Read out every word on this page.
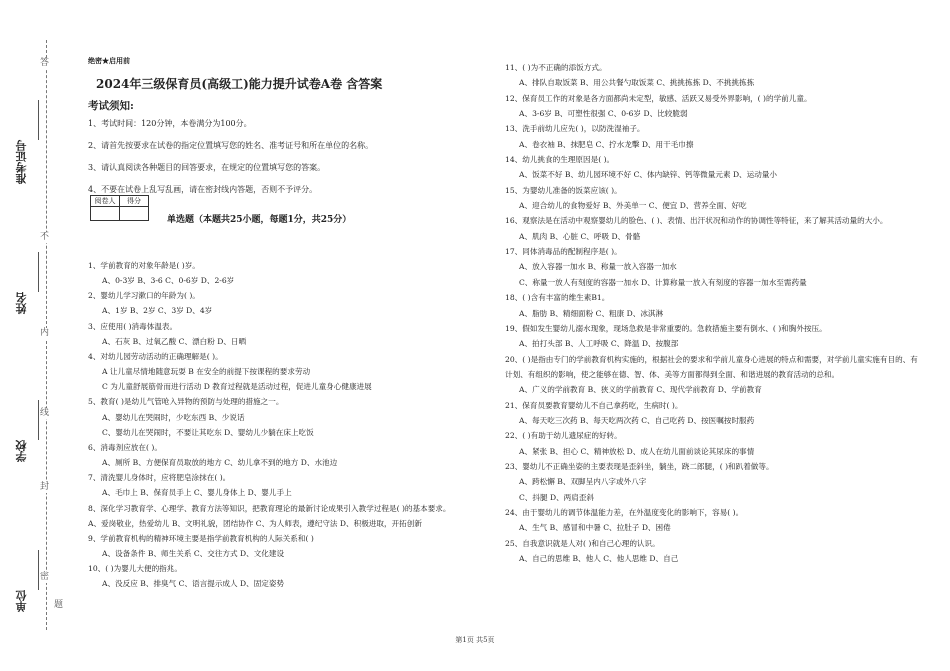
答
不
内
线
封
密
准考证号
姓名
学校
单位	题
绝密★启用前
2024年三级保育员(高级工)能力提升试卷A卷 含答案
考试须知:

1、考试时间：120分钟，本卷满分为100分。

2、请首先按要求在试卷的指定位置填写您的姓名、准考证号和所在单位的名称。

3、请认真阅读各种题目的回答要求，在规定的位置填写您的答案。

4、不要在试卷上乱写乱画，请在密封线内答题，否则不予评分。

阅卷人	得分

单选题（本题共25小题，每题1分，共25分）
1、学前教育的对象年龄是( )岁。
A、0-3岁 B、3-6 C、0-6岁 D、2-6岁
2、婴幼儿学习漱口的年龄为( )。
A、1岁 B、2岁 C、3岁 D、4岁
3、应使用( )消毒体温表。
A、石灰 B、过氧乙酸 C、漂白粉 D、日晒
4、对幼儿园劳动活动的正确理解是( )。
A 让儿童尽情地随意玩耍 B 在安全的前提下按课程的要求劳动
C 为儿童舒展筋骨而进行活动 D 教育过程就是活动过程，促进儿童身心健康进展
5、教育( )是幼儿气管呛入异物的预防与处理的措施之一。
A、婴幼儿在哭闹时，少吃东西 B、少说话
C、婴幼儿在哭闹时，不要让其吃东 D、婴幼儿少躺在床上吃饭
6、消毒剂应放在( )。
A、厕所 B、方便保育员取放的地方 C、幼儿拿不到的地方 D、水池边
7、清洗婴儿身体时，应将肥皂涂抹在( )。
A、毛巾上 B、保育员手上 C、婴儿身体上 D、婴儿手上
8、深化学习教育学、心理学、教育方法等知识，把教育理论的最新讨论成果引入教学过程是( )的基本要求。
A、爱岗敬业，热爱幼儿 B、文明礼貌，团结协作 C、为人师表，遵纪守法 D、积极进取，开拓创新
9、学前教育机构的精神环境主要是指学前教育机构的人际关系和( )
A、设备条件 B、师生关系 C、交往方式 D、文化建设
10、( )为婴儿大便的指兆。
A、没反应 B、排臭气 C、语言提示成人 D、固定姿势
11、( )为不正确的添饭方式。
A、排队自取饭菜 B、用公共餐勺取饭菜 C、挑挑拣拣 D、不挑挑拣拣
12、保育员工作的对象是各方面都尚未定型，敏感、活跃又易受外界影响，( )的学前儿童。
A、3-6岁 B、可塑性很强 C、0-6岁 D、比较脆弱
13、洗手前幼儿应先( )，以防洗湿袖子。
A、卷衣袖 B、抹肥皂 C、拧水龙擊 D、用干毛巾擦
14、幼儿挑食的生理原因是( )。
A、饭菜不好 B、幼儿园环境不好 C、体内缺锌、钙等微量元素 D、运动量小
15、为婴幼儿准备的饭菜应该( )。
A、迎合幼儿的食物爱好 B、外美单一 C、便宜 D、营养全面、好吃
16、观察法是在活动中观察婴幼儿的脸色、( )、表情、出汗状况和动作的协调性等特征，来了解其活动量的大小。
A、肌肉 B、心脏 C、呼吸 D、骨骼
17、同体消毒品的配制程序是( )。
A、放入容器一加水 B、称量一放入容器一加水
C、称量一放人有刻度的容器一加水 D、计算称量一放入有刻度的容器一加水至需药量
18、( )含有丰富的维生素B1。
A、脂肪 B、精细面粉 C、粗康 D、冰淇淋
19、假如发生婴幼儿溺水现象，现场急救是非常重要的。急救措施主要有倒水、( )和胸外按压。
A、拍打头部 B、人工呼吸 C、降温 D、按腹部
20、( )是指由专门的学前教育机构实施的，根据社会的要求和学前儿童身心进展的特点和需要，对学前儿童实施有目的、有计划、有组织的影响，使之能够在德、智、体、美等方面都得到全面、和谐进展的教育活动的总和。
A、广义的学前教育 B、狭义的学前教育 C、现代学前教育 D、学前教育
21、保育员要教育婴幼儿不自己拿药吃，生病时( )。
A、每天吃三次药 B、每天吃两次药 C、自己吃药 D、按医嘱按时服药
22、( )有助于幼儿遗尿症的好转。
A、紧张 B、担心 C、精神放松 D、成人在幼儿面前谈论其尿床的事情
23、婴幼儿不正确坐姿的主要表现是歪斜坐，躺坐，跷二郎腿，( )和趴着做等。
A、跨松懈 B、双脚呈内八字或外八字
C、抖腿 D、两肩歪斜
24、由于婴幼儿的调节体温能力差，在外温度变化的影响下，容易( )。
A、生气 B、感冒和中暑 C、拉肚子 D、困倦
25、自我意识就是人对( )和自己心理的认识。
A、自己的思维 B、他人 C、他人思维 D、自己
第1页 共5页
